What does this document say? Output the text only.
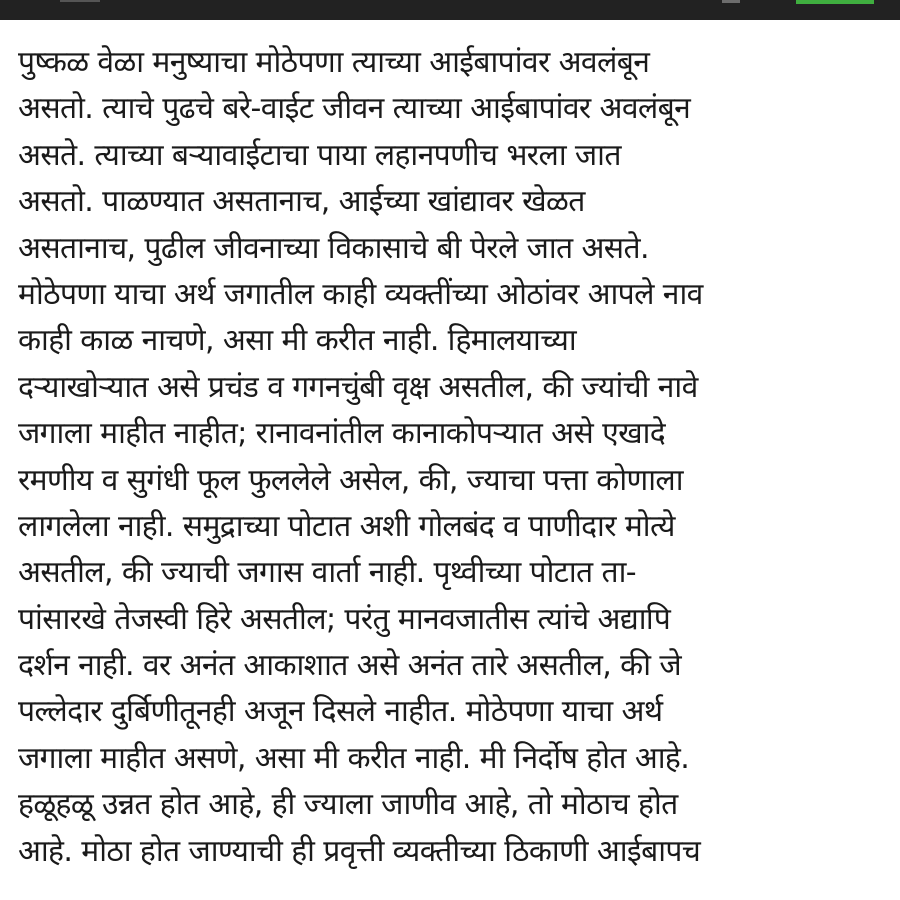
पुष्कळ वेळा मनुष्याचा मोठेपणा त्याच्या आईबापांवर अवलंबून
असतो. त्याचे पुढचे बरे-वाईट जीवन त्याच्या आईबापांवर अवलंबून
असते. त्याच्या बऱ्यावाईटाचा पाया लहानपणीच भरला जात
असतो. पाळण्यात असतानाच, आईच्या खांद्यावर खेळत
असतानाच, पुढील जीवनाच्या विकासाचे बी पेरले जात असते.
मोठेपणा याचा अर्थ जगातील काही व्यक्तींच्या ओठांवर आपले नाव
काही काळ नाचणे, असा मी करीत नाही. हिमालयाच्या
दऱ्याखोऱ्यात असे प्रचंड व गगनचुंबी वृक्ष असतील, की ज्यांची नावे
जगाला माहीत नाहीत; रानावनांतील कानाकोपऱ्यात असे एखादे
रमणीय व सुगंधी फूल फुललेले असेल, की, ज्याचा पत्ता कोणाला
लागलेला नाही. समुद्राच्या पोटात अशी गोलबंद व पाणीदार मोत्ये
असतील, की ज्याची जगास वार्ता नाही. पृथ्वीच्या पोटात ता-
पांसारखे तेजस्वी हिरे असतील; परंतु मानवजातीस त्यांचे अद्यापि
दर्शन नाही. वर अनंत आकाशात असे अनंत तारे असतील, की जे
पल्लेदार दुर्बिणीतूनही अजून दिसले नाहीत. मोठेपणा याचा अर्थ
जगाला माहीत असणे, असा मी करीत नाही. मी निर्दोष होत आहे.
हळूहळू उन्नत होत आहे, ही ज्याला जाणीव आहे, तो मोठाच होत
आहे. मोठा होत जाण्याची ही प्रवृत्ती व्यक्तीच्या ठिकाणी आईबापच
